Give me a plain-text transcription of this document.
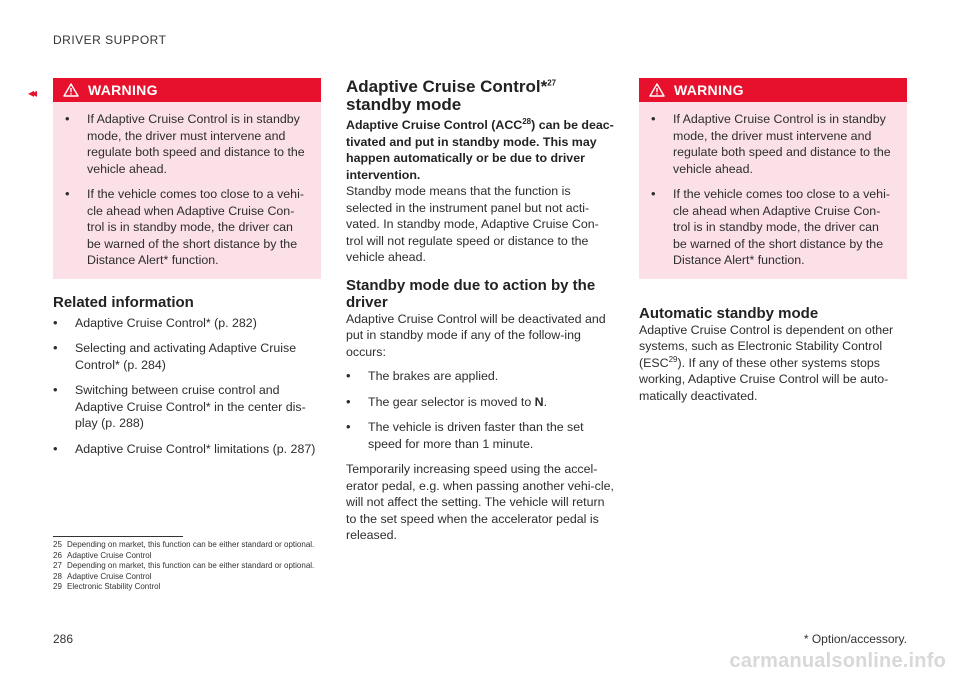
DRIVER SUPPORT
◂◂	WARNING
• If Adaptive Cruise Control is in standby mode, the driver must intervene and regulate both speed and distance to the vehicle ahead.
• If the vehicle comes too close to a vehi-cle ahead when Adaptive Cruise Con-trol is in standby mode, the driver can be warned of the short distance by the Distance Alert* function.
Related information
• Adaptive Cruise Control* (p. 282)
• Selecting and activating Adaptive Cruise Control* (p. 284)
• Switching between cruise control and Adaptive Cruise Control* in the center dis-play (p. 288)
• Adaptive Cruise Control* limitations (p. 287)
Adaptive Cruise Control*$^{27}$ standby mode

Adaptive Cruise Control (ACC$^{28}$) can be deac-tivated and put in standby mode. This may happen automatically or be due to driver intervention.

Standby mode means that the function is selected in the instrument panel but not acti-vated. In standby mode, Adaptive Cruise Con-trol will not regulate speed or distance to the vehicle ahead.

Standby mode due to action by the driver

Adaptive Cruise Control will be deactivated and put in standby mode if any of the follow-ing occurs:

• The brakes are applied.
• The gear selector is moved to N.
• The vehicle is driven faster than the set speed for more than 1 minute.

Temporarily increasing speed using the accel-erator pedal, e.g. when passing another vehi-cle, will not affect the setting. The vehicle will return to the set speed when the accelerator pedal is released.

WARNING
• If Adaptive Cruise Control is in standby mode, the driver must intervene and regulate both speed and distance to the vehicle ahead.
• If the vehicle comes too close to a vehi-cle ahead when Adaptive Cruise Con-trol is in standby mode, the driver can be warned of the short distance by the Distance Alert* function.
Automatic standby mode

Adaptive Cruise Control is dependent on other systems, such as Electronic Stability Control (ESC$^{29}$). If any of these other systems stops working, Adaptive Cruise Control will be auto-matically deactivated.

25 Depending on market, this function can be either standard or optional.
26 Adaptive Cruise Control
27 Depending on market, this function can be either standard or optional.
28 Adaptive Cruise Control
29 Electronic Stability Control
286	* Option/accessory.
carmanualsonline.info
